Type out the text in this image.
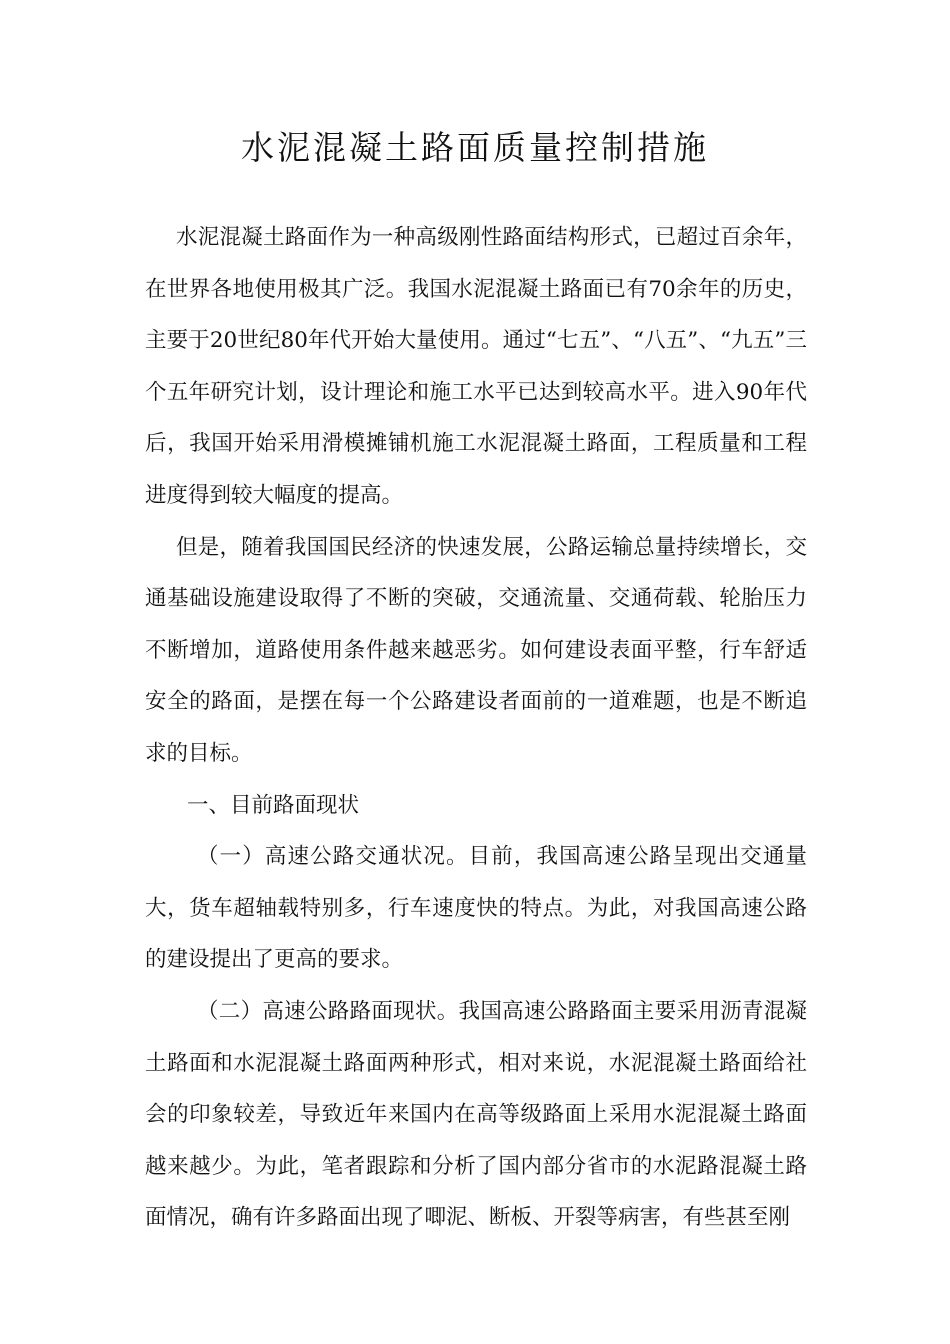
水泥混凝土路面质量控制措施

水泥混凝土路面作为一种高级刚性路面结构形式，已超过百余年，在世界各地使用极其广泛。我国水泥混凝土路面已有70余年的历史，主要于20世纪80年代开始大量使用。通过“七五”、“八五”、“九五”三个五年研究计划，设计理论和施工水平已达到较高水平。进入90年代后，我国开始采用滑模摊铺机施工水泥混凝土路面，工程质量和工程进度得到较大幅度的提高。

但是，随着我国国民经济的快速发展，公路运输总量持续增长，交通基础设施建设取得了不断的突破，交通流量、交通荷载、轮胎压力不断增加，道路使用条件越来越恶劣。如何建设表面平整，行车舒适安全的路面，是摆在每一个公路建设者面前的一道难题，也是不断追求的目标。

一、目前路面现状

（一）高速公路交通状况。目前，我国高速公路呈现出交通量大，货车超轴载特别多，行车速度快的特点。为此，对我国高速公路的建设提出了更高的要求。

（二）高速公路路面现状。我国高速公路路面主要采用沥青混凝土路面和水泥混凝土路面两种形式，相对来说，水泥混凝土路面给社会的印象较差，导致近年来国内在高等级路面上采用水泥混凝土路面越来越少。为此，笔者跟踪和分析了国内部分省市的水泥路混凝土路面情况，确有许多路面出现了唧泥、断板、开裂等病害，有些甚至刚
